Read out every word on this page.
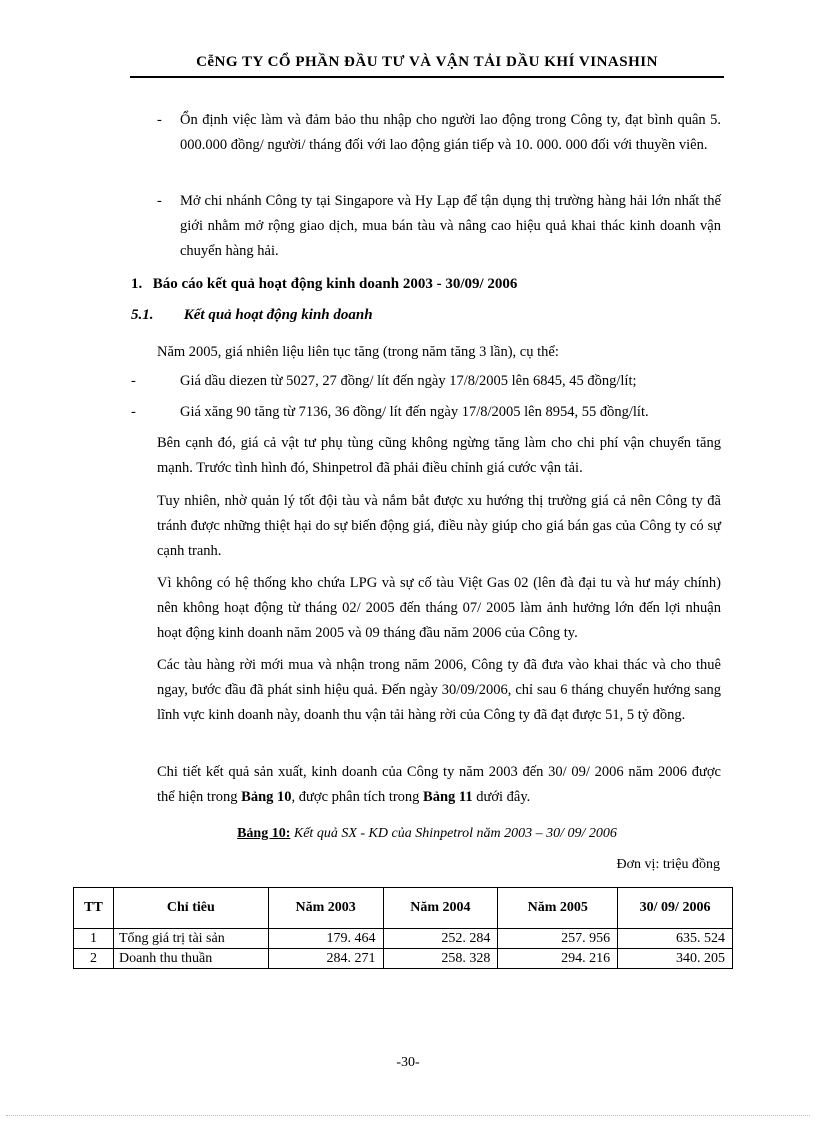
CễNG TY CỔ PHẦN ĐẦU TƯ VÀ VẬN TẢI DẦU KHÍ VINASHIN
- Ổn định việc làm và đảm bảo thu nhập cho người lao động trong Công ty, đạt bình quân 5. 000.000 đồng/ người/ tháng đối với lao động gián tiếp và 10. 000. 000 đối với thuyền viên.
- Mở chi nhánh Công ty tại Singapore và Hy Lạp để tận dụng thị trường hàng hải lớn nhất thế giới nhằm mở rộng giao dịch, mua bán tàu và nâng cao hiệu quả khai thác kinh doanh vận chuyển hàng hải.
1. Báo cáo kết quả hoạt động kinh doanh 2003 - 30/09/ 2006
5.1. Kết quả hoạt động kinh doanh
Năm 2005, giá nhiên liệu liên tục tăng (trong năm tăng 3 lần), cụ thể:
-	Giá dầu diezen từ 5027, 27 đồng/ lít đến ngày 17/8/2005 lên 6845, 45 đồng/lít;
-	Giá xăng 90 tăng từ 7136, 36 đồng/ lít đến ngày 17/8/2005 lên 8954, 55 đồng/lít.
Bên cạnh đó, giá cả vật tư phụ tùng cũng không ngừng tăng làm cho chi phí vận chuyển tăng mạnh. Trước tình hình đó, Shinpetrol đã phải điều chỉnh giá cước vận tải.
Tuy nhiên, nhờ quản lý tốt đội tàu và nắm bắt được xu hướng thị trường giá cả nên Công ty đã tránh được những thiệt hại do sự biến động giá, điều này giúp cho giá bán gas của Công ty có sự cạnh tranh.
Vì không có hệ thống kho chứa LPG và sự cố tàu Việt Gas 02 (lên đà đại tu và hư máy chính) nên không hoạt động từ tháng 02/ 2005 đến tháng 07/ 2005 làm ảnh hưởng lớn đến lợi nhuận hoạt động kinh doanh năm 2005 và 09 tháng đầu năm 2006 của Công ty.
Các tàu hàng rời mới mua và nhận trong năm 2006, Công ty đã đưa vào khai thác và cho thuê ngay, bước đầu đã phát sinh hiệu quả. Đến ngày 30/09/2006, chỉ sau 6 tháng chuyển hướng sang lĩnh vực kinh doanh này, doanh thu vận tải hàng rời của Công ty đã đạt được 51, 5 tỷ đồng.
Chi tiết kết quả sản xuất, kinh doanh của Công ty năm 2003 đến 30/ 09/ 2006 năm 2006 được thể hiện trong Bảng 10, được phân tích trong Bảng 11 dưới đây.
Bảng 10: Kết quả SX - KD của Shinpetrol năm 2003 – 30/ 09/ 2006
Đơn vị: triệu đồng
TT	Chỉ tiêu	Năm 2003	Năm 2004	Năm 2005	30/ 09/ 2006
1	Tổng giá trị tài sản	179. 464	252. 284	257. 956	635. 524
2	Doanh thu thuần	284. 271	258. 328	294. 216	340. 205
-30-
